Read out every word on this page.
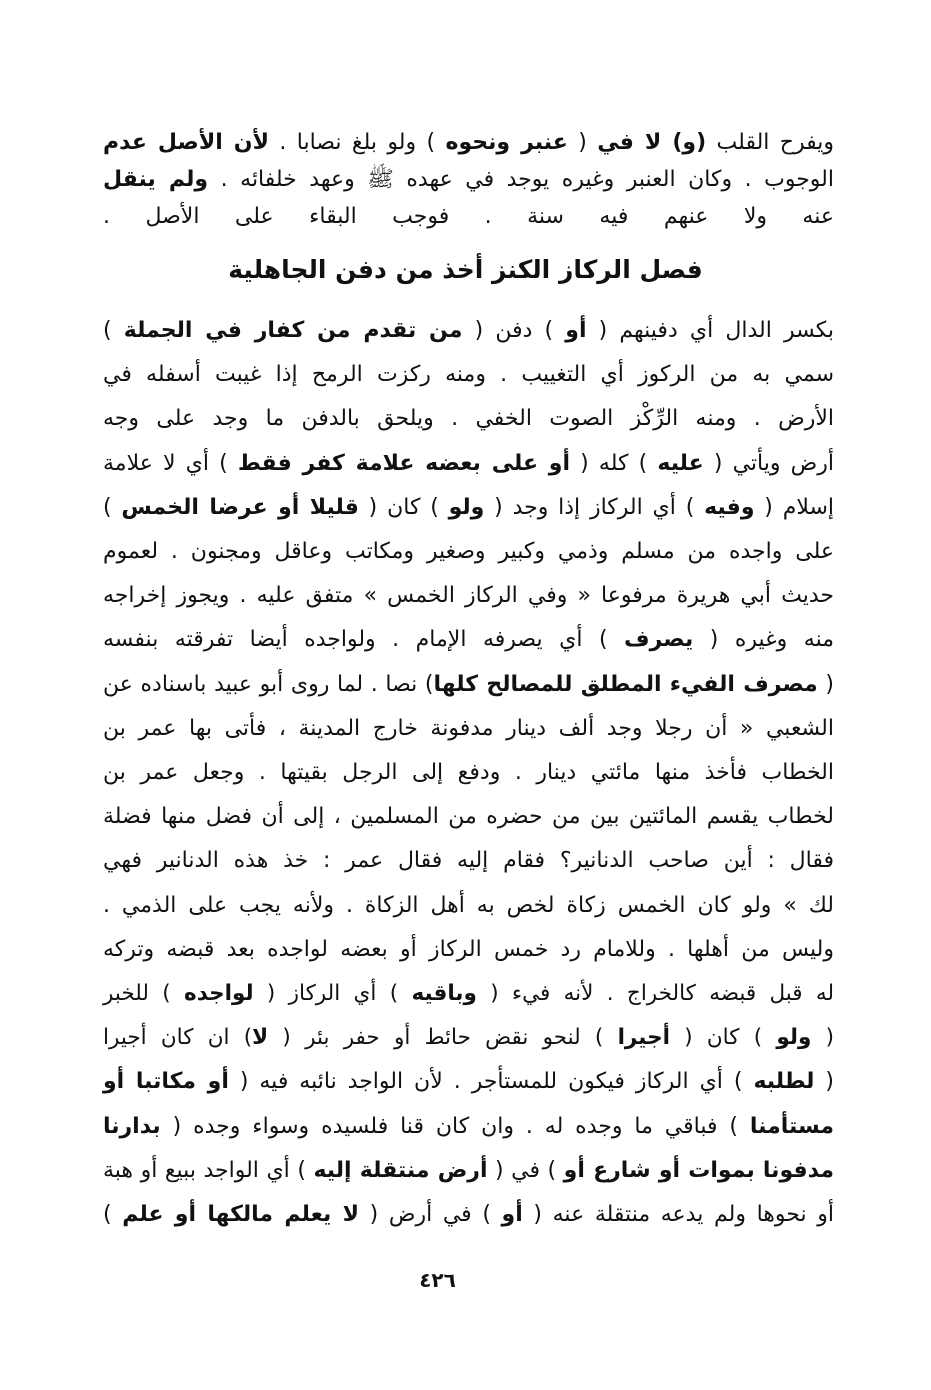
فصل الركاز الكنز أخذ من دفن الجاهلية
ويفرح القلب (و) لا في ( عنبر ونحوه ) ولو بلغ نصابا . لأن الأصل عدم
الوجوب . وكان العنبر وغيره يوجد في عهده ﷺ وعهد خلفائه . ولم ينقل
عنه ولا عنهم فيه سنة . فوجب البقاء على الأصل .
بكسر الدال أي دفينهم ( أو ) دفن ( من تقدم من كفار في الجملة )
سمي به من الركوز أي التغييب . ومنه ركزت الرمح إذا غيبت أسفله في
الأرض . ومنه الرِّكْز الصوت الخفي . ويلحق بالدفن ما وجد على وجه
أرض ويأتي ( عليه ) كله ( أو على بعضه علامة كفر فقط ) أي لا علامة
إسلام ( وفيه ) أي الركاز إذا وجد ( ولو ) كان ( قليلا أو عرضا الخمس )
على واجده من مسلم وذمي وكبير وصغير ومكاتب وعاقل ومجنون . لعموم
حديث أبي هريرة مرفوعا « وفي الركاز الخمس » متفق عليه . ويجوز إخراجه
منه وغيره ( يصرف ) أي يصرفه الإمام . ولواجده أيضا تفرقته بنفسه
( مصرف الفيء المطلق للمصالح كلها) نصا . لما روى أبو عبيد باسناده عن
الشعبي « أن رجلا وجد ألف دينار مدفونة خارج المدينة ، فأتى بها عمر بن
الخطاب فأخذ منها مائتي دينار . ودفع إلى الرجل بقيتها . وجعل عمر بن
لخطاب يقسم المائتين بين من حضره من المسلمين ، إلى أن فضل منها فضلة
فقال : أين صاحب الدنانير؟ فقام إليه فقال عمر : خذ هذه الدنانير فهي
لك » ولو كان الخمس زكاة لخص به أهل الزكاة . ولأنه يجب على الذمي .
وليس من أهلها . وللامام رد خمس الركاز أو بعضه لواجده بعد قبضه وتركه
له قبل قبضه كالخراج . لأنه فيء ( وباقيه ) أي الركاز ( لواجده ) للخبر
( ولو ) كان ( أجيرا ) لنحو نقض حائط أو حفر بئر ( لا) ان كان أجيرا
( لطلبه ) أي الركاز فيكون للمستأجر . لأن الواجد نائبه فيه ( أو مكاتبا أو
مستأمنا ) فباقي ما وجده له . وان كان قنا فلسيده وسواء وجده ( بدارنا
مدفونا بموات أو شارع أو ) في ( أرض منتقلة إليه ) أي الواجد ببيع أو هبة
أو نحوها ولم يدعه منتقلة عنه ( أو ) في أرض ( لا يعلم مالكها أو علم )
٤٢٦
